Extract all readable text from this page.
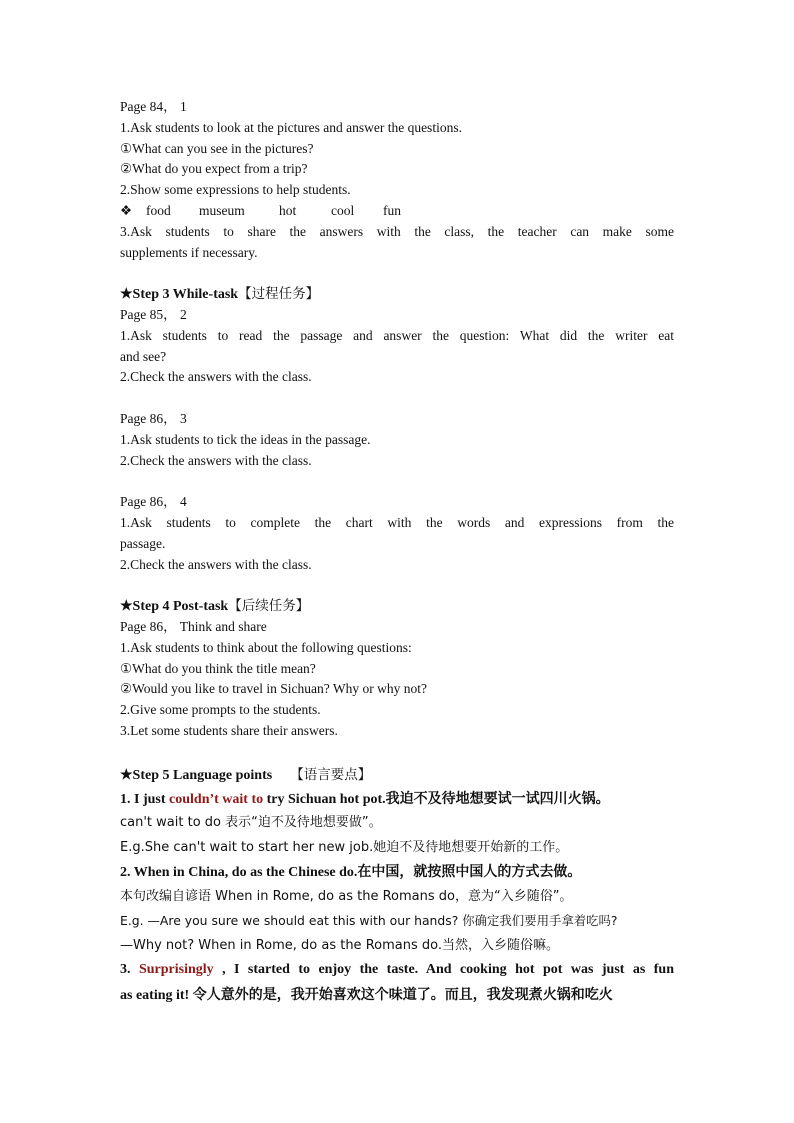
Page 84， 1
1.Ask students to look at the pictures and answer the questions.
①What can you see in the pictures?
②What do you expect from a trip?
2.Show some expressions to help students.
❖ food museum	hot	cool fun
3.Ask students to share the answers with the class, the teacher can make some
supplements if necessary.
★Step 3 While-task【过程任务】
Page 85， 2
1.Ask students to read the passage and answer the question: What did the writer eat
and see?
2.Check the answers with the class.
Page 86， 3
1.Ask students to tick the ideas in the passage.
2.Check the answers with the class.
Page 86， 4
1.Ask students to complete the chart with the words and expressions from the
passage.
2.Check the answers with the class.
★Step 4 Post-task【后续任务】
Page 86， Think and share
1.Ask students to think about the following questions:
①What do you think the title mean?
②Would you like to travel in Sichuan? Why or why not?
2.Give some prompts to the students.
3.Let some students share their answers.
★Step 5 Language points 【语言要点】
1. I just couldn’t wait to try Sichuan hot pot.我迫不及待地想要试一试四川火锅。
can't wait to do 表示“迫不及待地想要做”。
E.g.She can't wait to start her new job.她迫不及待地想要开始新的工作。
2. When in China, do as the Chinese do.在中国，就按照中国人的方式去做。
本句改编自谚语 When in Rome, do as the Romans do，意为“入乡随俗”。
E.g. —Are you sure we should eat this with our hands? 你确定我们要用手拿着吃吗?
—Why not? When in Rome, do as the Romans do.当然，入乡随俗嘛。
3. Surprisingly , I started to enjoy the taste. And cooking hot pot was just as fun
as eating it! 令人意外的是，我开始喜欢这个味道了。而且，我发现煮火锅和吃火
